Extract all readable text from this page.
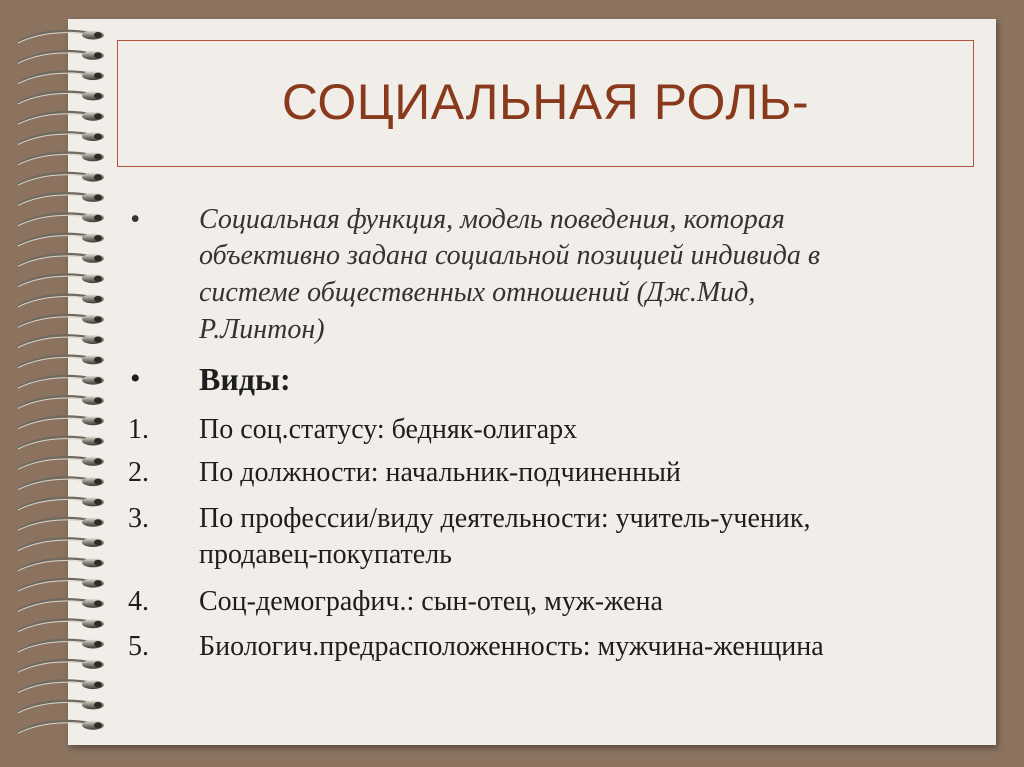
СОЦИАЛЬНАЯ РОЛЬ-
•	Социальная функция, модель поведения, которая
объективно задана социальной позицией индивида в
системе общественных отношений (Дж.Мид,
Р.Линтон)
•	Виды:
1.	По соц.статусу: бедняк-олигарх
2.	По должности: начальник-подчиненный
3.	По профессии/виду деятельности: учитель-ученик,
продавец-покупатель
4.	Соц-демографич.: сын-отец, муж-жена
5.	Биологич.предрасположенность: мужчина-женщина
